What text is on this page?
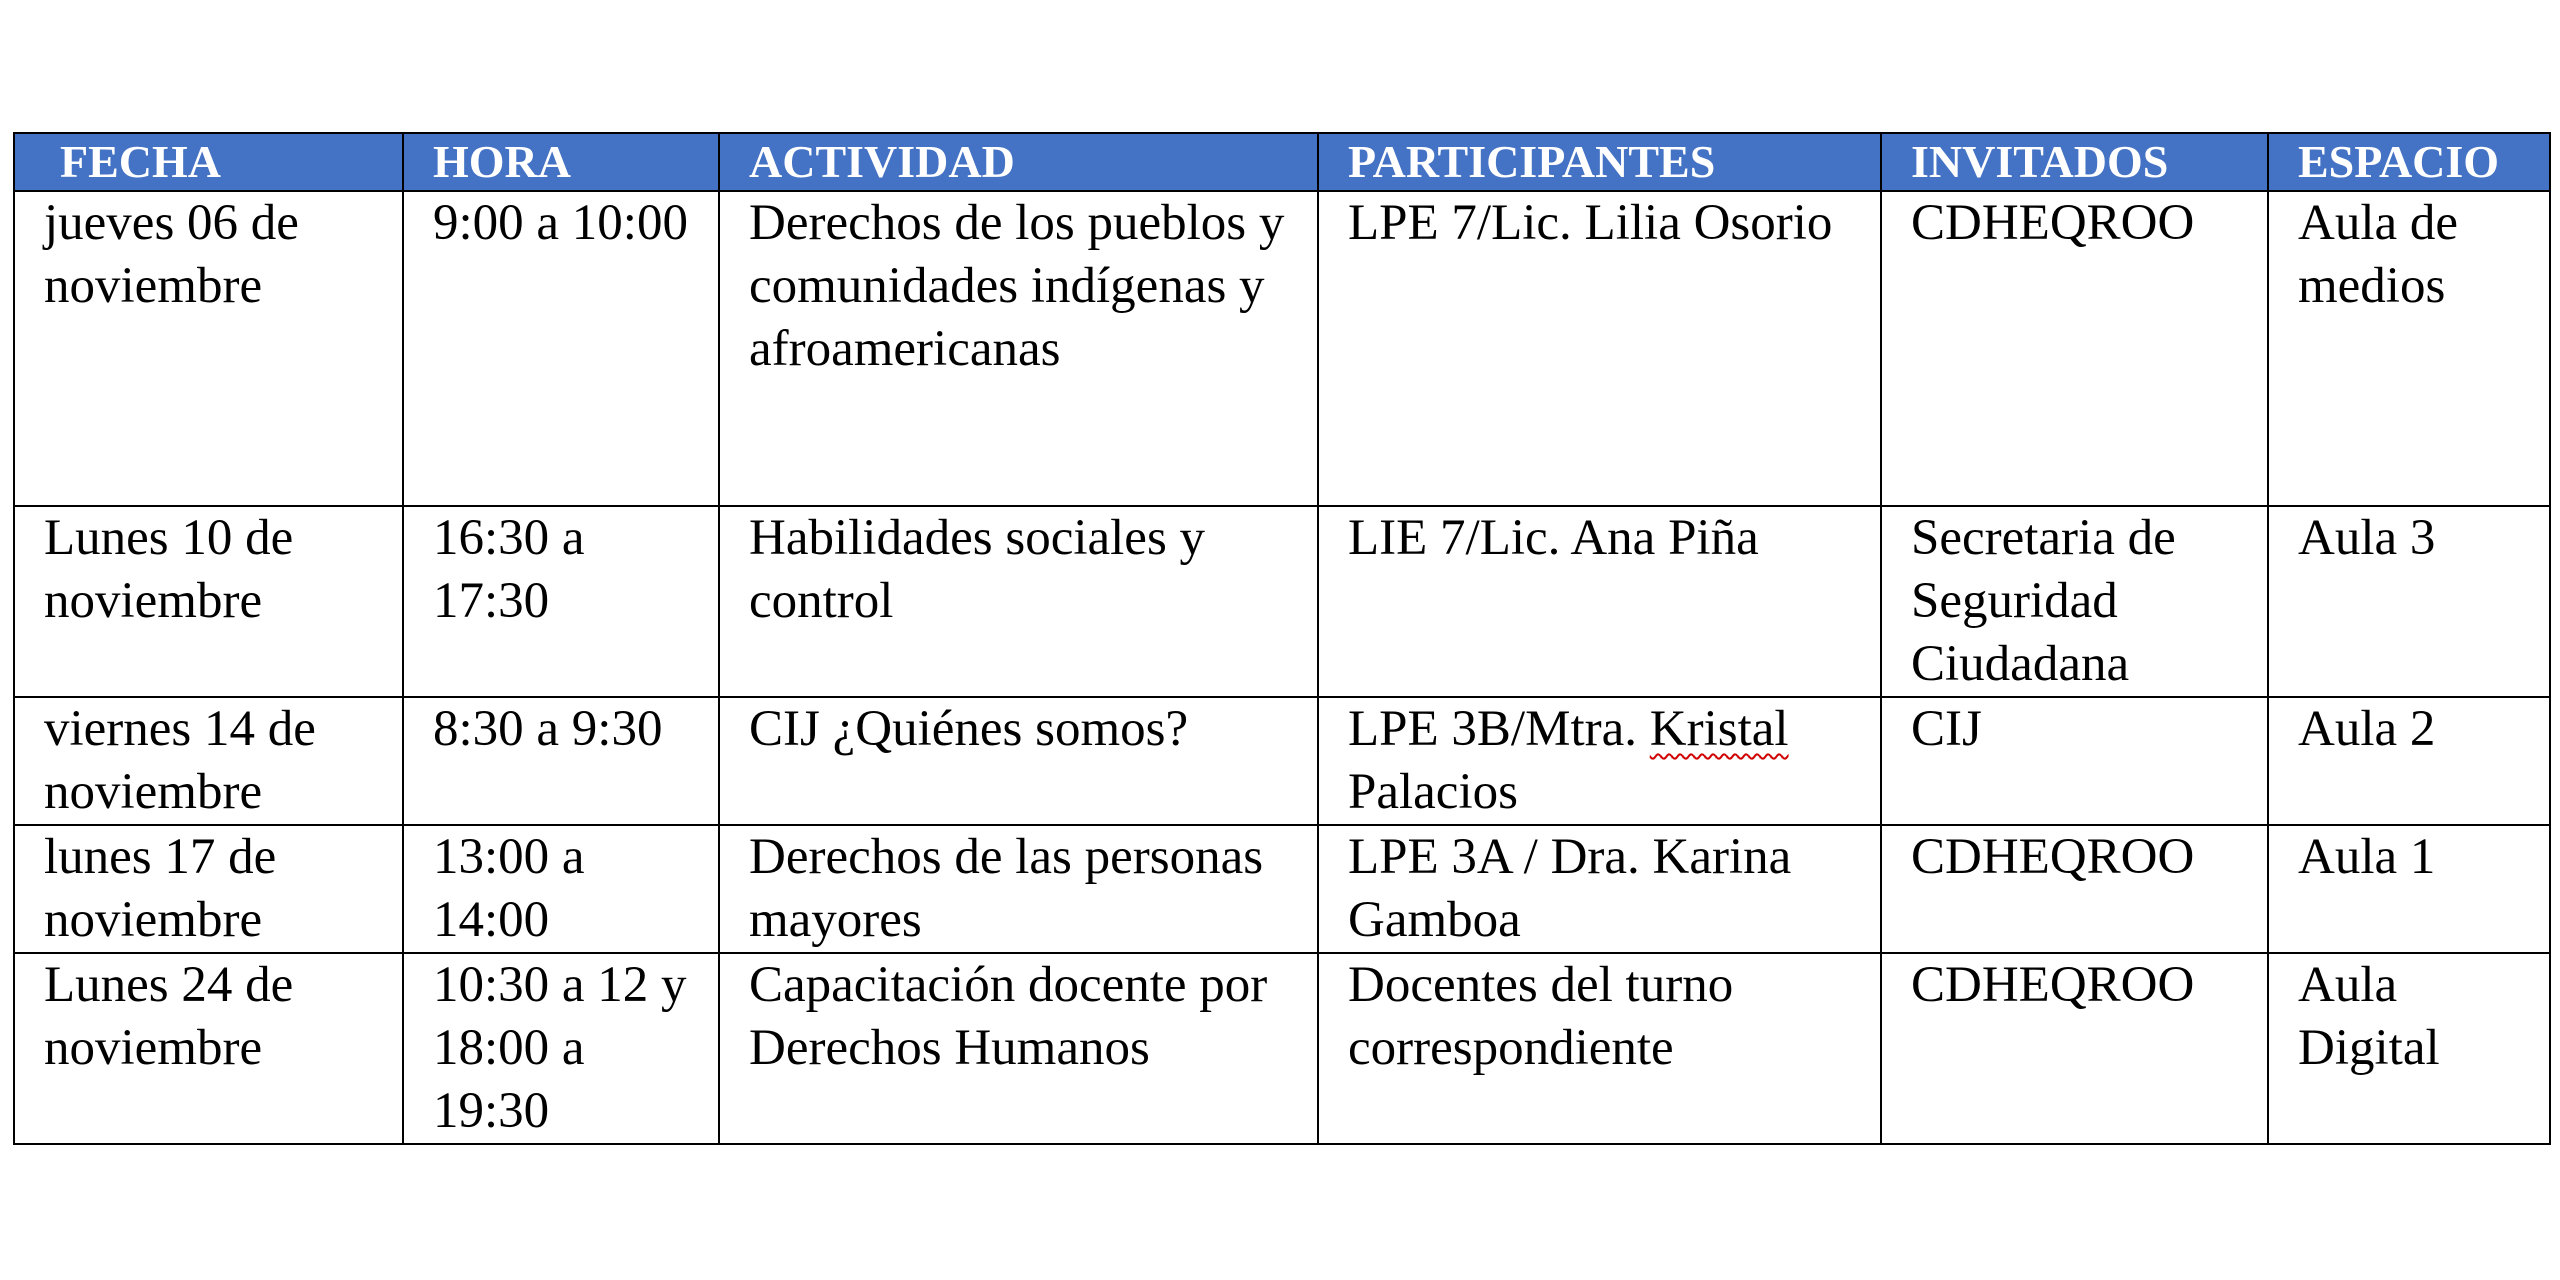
FECHA	HORA	ACTIVIDAD	PARTICIPANTES	INVITADOS	ESPACIO

jueves 06 de noviembre	9:00 a 10:00	Derechos de los pueblos y comunidades indígenas y afroamericanas	LPE 7/Lic. Lilia Osorio	CDHEQROO	Aula de medios

Lunes 10 de noviembre	16:30 a 17:30	Habilidades sociales y control	LIE 7/Lic. Ana Piña	Secretaria de Seguridad Ciudadana	Aula 3

viernes 14 de noviembre	8:30 a 9:30	CIJ ¿Quiénes somos?	LPE 3B/Mtra. Kristal Palacios	CIJ	Aula 2

lunes 17 de noviembre	13:00 a 14:00	Derechos de las personas mayores	LPE 3A / Dra. Karina Gamboa	CDHEQROO	Aula 1

Lunes 24 de noviembre	10:30 a 12 y 18:00 a 19:30	Capacitación docente por Derechos Humanos	Docentes del turno correspondiente	CDHEQROO	Aula Digital
